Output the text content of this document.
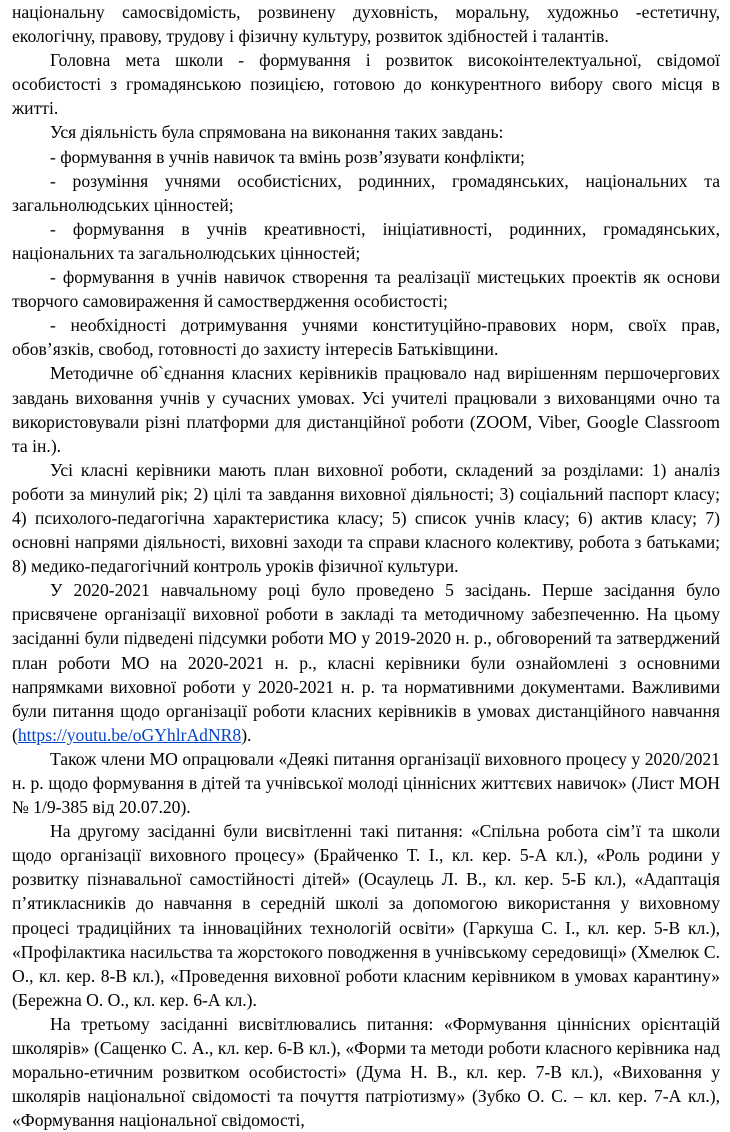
національну самосвідомість, розвинену духовність, моральну, художньо -естетичну, екологічну, правову, трудову і фізичну культуру, розвиток здібностей і талантів.

Головна мета школи - формування і розвиток високоінтелектуальної, свідомої особистості з громадянською позицією, готовою до конкурентного вибору свого місця в житті.

Уся діяльність була спрямована на виконання таких завдань:

- формування в учнів навичок та вмінь розв’язувати конфлікти;

- розуміння учнями особистісних, родинних, громадянських, національних та загальнолюдських цінностей;

- формування в учнів креативності, ініціативності, родинних, громадянських, національних та загальнолюдських цінностей;

- формування в учнів навичок створення та реалізації мистецьких проектів як основи творчого самовираження й самоствердження особистості;

- необхідності дотримування учнями конституційно-правових норм, своїх прав, обов’язків, свобод, готовності до захисту інтересів Батьківщини.

Методичне об`єднання класних керівників працювало над вирішенням першочергових завдань виховання учнів у сучасних умовах. Усі учителі працювали з вихованцями очно та використовували різні платформи для дистанційної роботи (ZOOM, Viber, Google Classroom та ін.).

Усі класні керівники мають план виховної роботи, складений за розділами: 1) аналіз роботи за минулий рік; 2) цілі та завдання виховної діяльності; 3) соціальний паспорт класу; 4) психолого-педагогічна характеристика класу; 5) список учнів класу; 6) актив класу; 7) основні напрями діяльності, виховні заходи та справи класного колективу, робота з батьками; 8) медико-педагогічний контроль уроків фізичної культури.

У 2020-2021 навчальному році було проведено 5 засідань. Перше засідання було присвячене організації виховної роботи в закладі та методичному забезпеченню. На цьому засіданні були підведені підсумки роботи МО у 2019-2020 н. р., обговорений та затверджений план роботи МО на 2020-2021 н. р., класні керівники були ознайомлені з основними напрямками виховної роботи у 2020-2021 н. р. та нормативними документами. Важливими були питання щодо організації роботи класних керівників в умовах дистанційного навчання (https://youtu.be/oGYhlrAdNR8).

Також члени МО опрацювали «Деякі питання організації виховного процесу у 2020/2021 н. р. щодо формування в дітей та учнівської молоді ціннісних життєвих навичок» (Лист МОН № 1/9-385 від 20.07.20).

На другому засіданні були висвітленні такі питання: «Спільна робота сім’ї та школи щодо організації виховного процесу» (Брайченко Т. І., кл. кер. 5-А кл.), «Роль родини у розвитку пізнавальної самостійності дітей» (Осаулець Л. В., кл. кер. 5-Б кл.), «Адаптація п’ятикласників до навчання в середній школі за допомогою використання у виховному процесі традиційних та інноваційних технологій освіти» (Гаркуша С. І., кл. кер. 5-В кл.), «Профілактика насильства та жорстокого поводження в учнівському середовищі» (Хмелюк С. О., кл. кер. 8-В кл.), «Проведення виховної роботи класним керівником в умовах карантину» (Бережна О. О., кл. кер. 6-А кл.).

На третьому засіданні висвітлювались питання: «Формування ціннісних орієнтацій школярів» (Сащенко С. А., кл. кер. 6-В кл.), «Форми та методи роботи класного керівника над морально-етичним розвитком особистості» (Дума Н. В., кл. кер. 7-В кл.), «Виховання у школярів національної свідомості та почуття патріотизму» (Зубко О. С. – кл. кер. 7-А кл.), «Формування національної свідомості,
